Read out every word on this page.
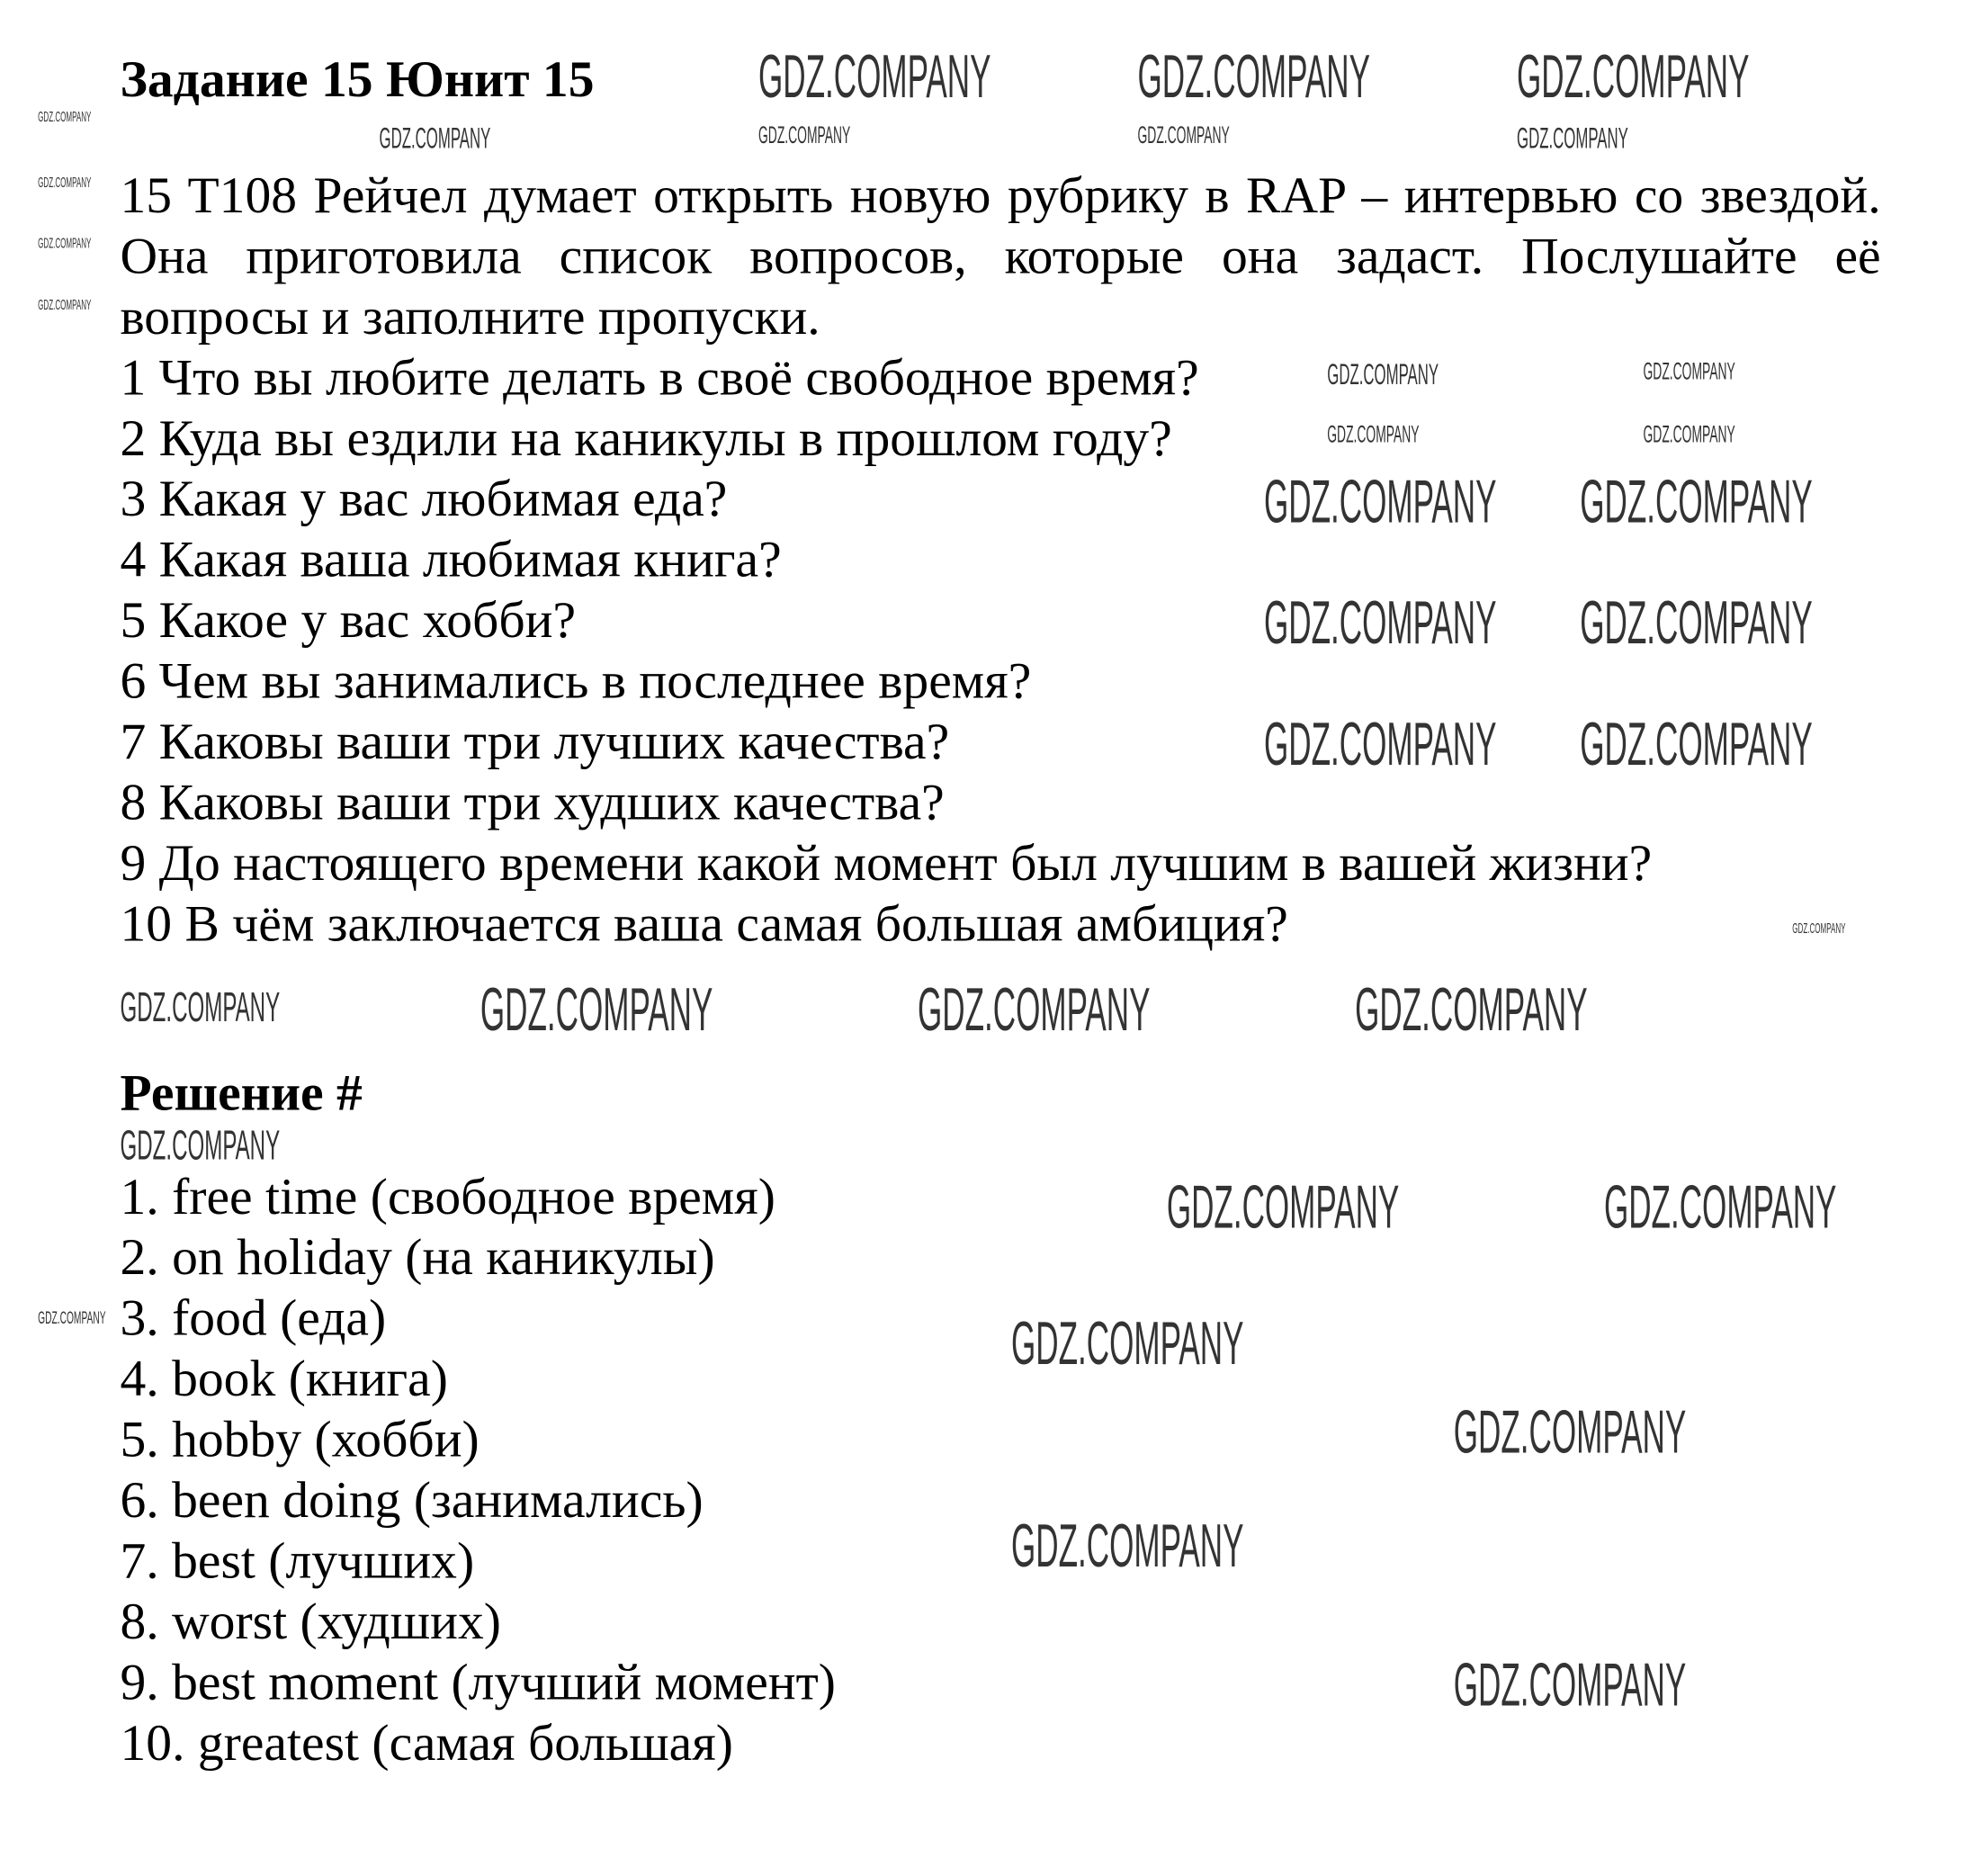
Задание 15 Юнит 15
15 T108 Рейчел думает открыть новую рубрику в RAP – интервью со звездой. Она приготовила список вопросов, которые она задаст. Послушайте её вопросы и заполните пропуски.
1 Что вы любите делать в своё свободное время?
2 Куда вы ездили на каникулы в прошлом году?
3 Какая у вас любимая еда?
4 Какая ваша любимая книга?
5 Какое у вас хобби?
6 Чем вы занимались в последнее время?
7 Каковы ваши три лучших качества?
8 Каковы ваши три худших качества?
9 До настоящего времени какой момент был лучшим в вашей жизни?
10 В чём заключается ваша самая большая амбиция?
Решение #
1. free time (свободное время)
2. on holiday (на каникулы)
3. food (еда)
4. book (книга)
5. hobby (хобби)
6. been doing (занимались)
7. best (лучших)
8. worst (худших)
9. best moment (лучший момент)
10. greatest (самая большая)
GDZ.COMPANY	GDZ.COMPANY	GDZ.COMPANY
GDZ.COMPANY	GDZ.COMPANY	GDZ.COMPANY	GDZ.COMPANY
GDZ.COMPANY	GDZ.COMPANY
GDZ.COMPANY	GDZ.COMPANY
GDZ.COMPANY GDZ.COMPANY
GDZ.COMPANY GDZ.COMPANY
GDZ.COMPANY GDZ.COMPANY
GDZ.COMPANY
GDZ.COMPANY	GDZ.COMPANY	GDZ.COMPANY	GDZ.COMPANY
GDZ.COMPANY
GDZ.COMPANY	GDZ.COMPANY
GDZ.COMPANY
GDZ.COMPANY
GDZ.COMPANY
GDZ.COMPANY
GDZ.COMPANY
GDZ.COMPANY
GDZ.COMPANY
GDZ.COMPANY
GDZ.COMPANY
